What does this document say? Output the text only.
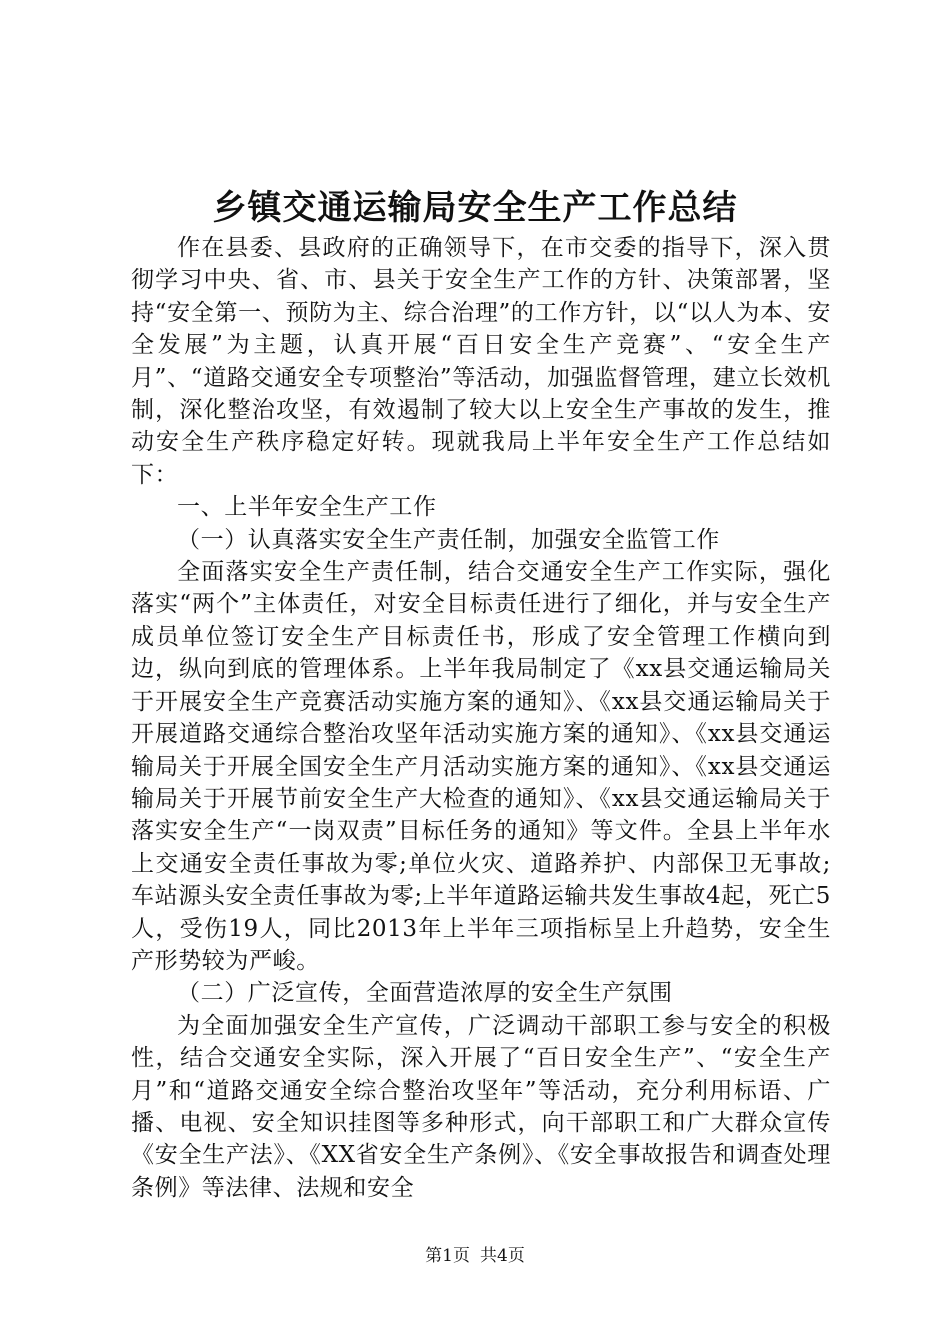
乡镇交通运输局安全生产工作总结

作在县委、县政府的正确领导下，在市交委的指导下，深入贯彻学习中央、省、市、县关于安全生产工作的方针、决策部署，坚持“安全第一、预防为主、综合治理”的工作方针，以“以人为本、安全发展”为主题，认真开展“百日安全生产竞赛”、“安全生产月”、“道路交通安全专项整治”等活动，加强监督管理，建立长效机制，深化整治攻坚，有效遏制了较大以上安全生产事故的发生，推动安全生产秩序稳定好转。现就我局上半年安全生产工作总结如下：

一、上半年安全生产工作

（一）认真落实安全生产责任制，加强安全监管工作

全面落实安全生产责任制，结合交通安全生产工作实际，强化落实“两个”主体责任，对安全目标责任进行了细化，并与安全生产成员单位签订安全生产目标责任书，形成了安全管理工作横向到边，纵向到底的管理体系。上半年我局制定了《xx县交通运输局关于开展安全生产竞赛活动实施方案的通知》、《xx县交通运输局关于开展道路交通综合整治攻坚年活动实施方案的通知》、《xx县交通运输局关于开展全国安全生产月活动实施方案的通知》、《xx县交通运输局关于开展节前安全生产大检查的通知》、《xx县交通运输局关于落实安全生产“一岗双责”目标任务的通知》等文件。全县上半年水上交通安全责任事故为零;单位火灾、道路养护、内部保卫无事故;车站源头安全责任事故为零;上半年道路运输共发生事故4起，死亡5人，受伤19人，同比2013年上半年三项指标呈上升趋势，安全生产形势较为严峻。

（二）广泛宣传，全面营造浓厚的安全生产氛围

为全面加强安全生产宣传，广泛调动干部职工参与安全的积极性，结合交通安全实际，深入开展了“百日安全生产”、“安全生产月”和“道路交通安全综合整治攻坚年”等活动，充分利用标语、广播、电视、安全知识挂图等多种形式，向干部职工和广大群众宣传《安全生产法》、《XX省安全生产条例》、《安全事故报告和调查处理条例》等法律、法规和安全

第1页 共4页
